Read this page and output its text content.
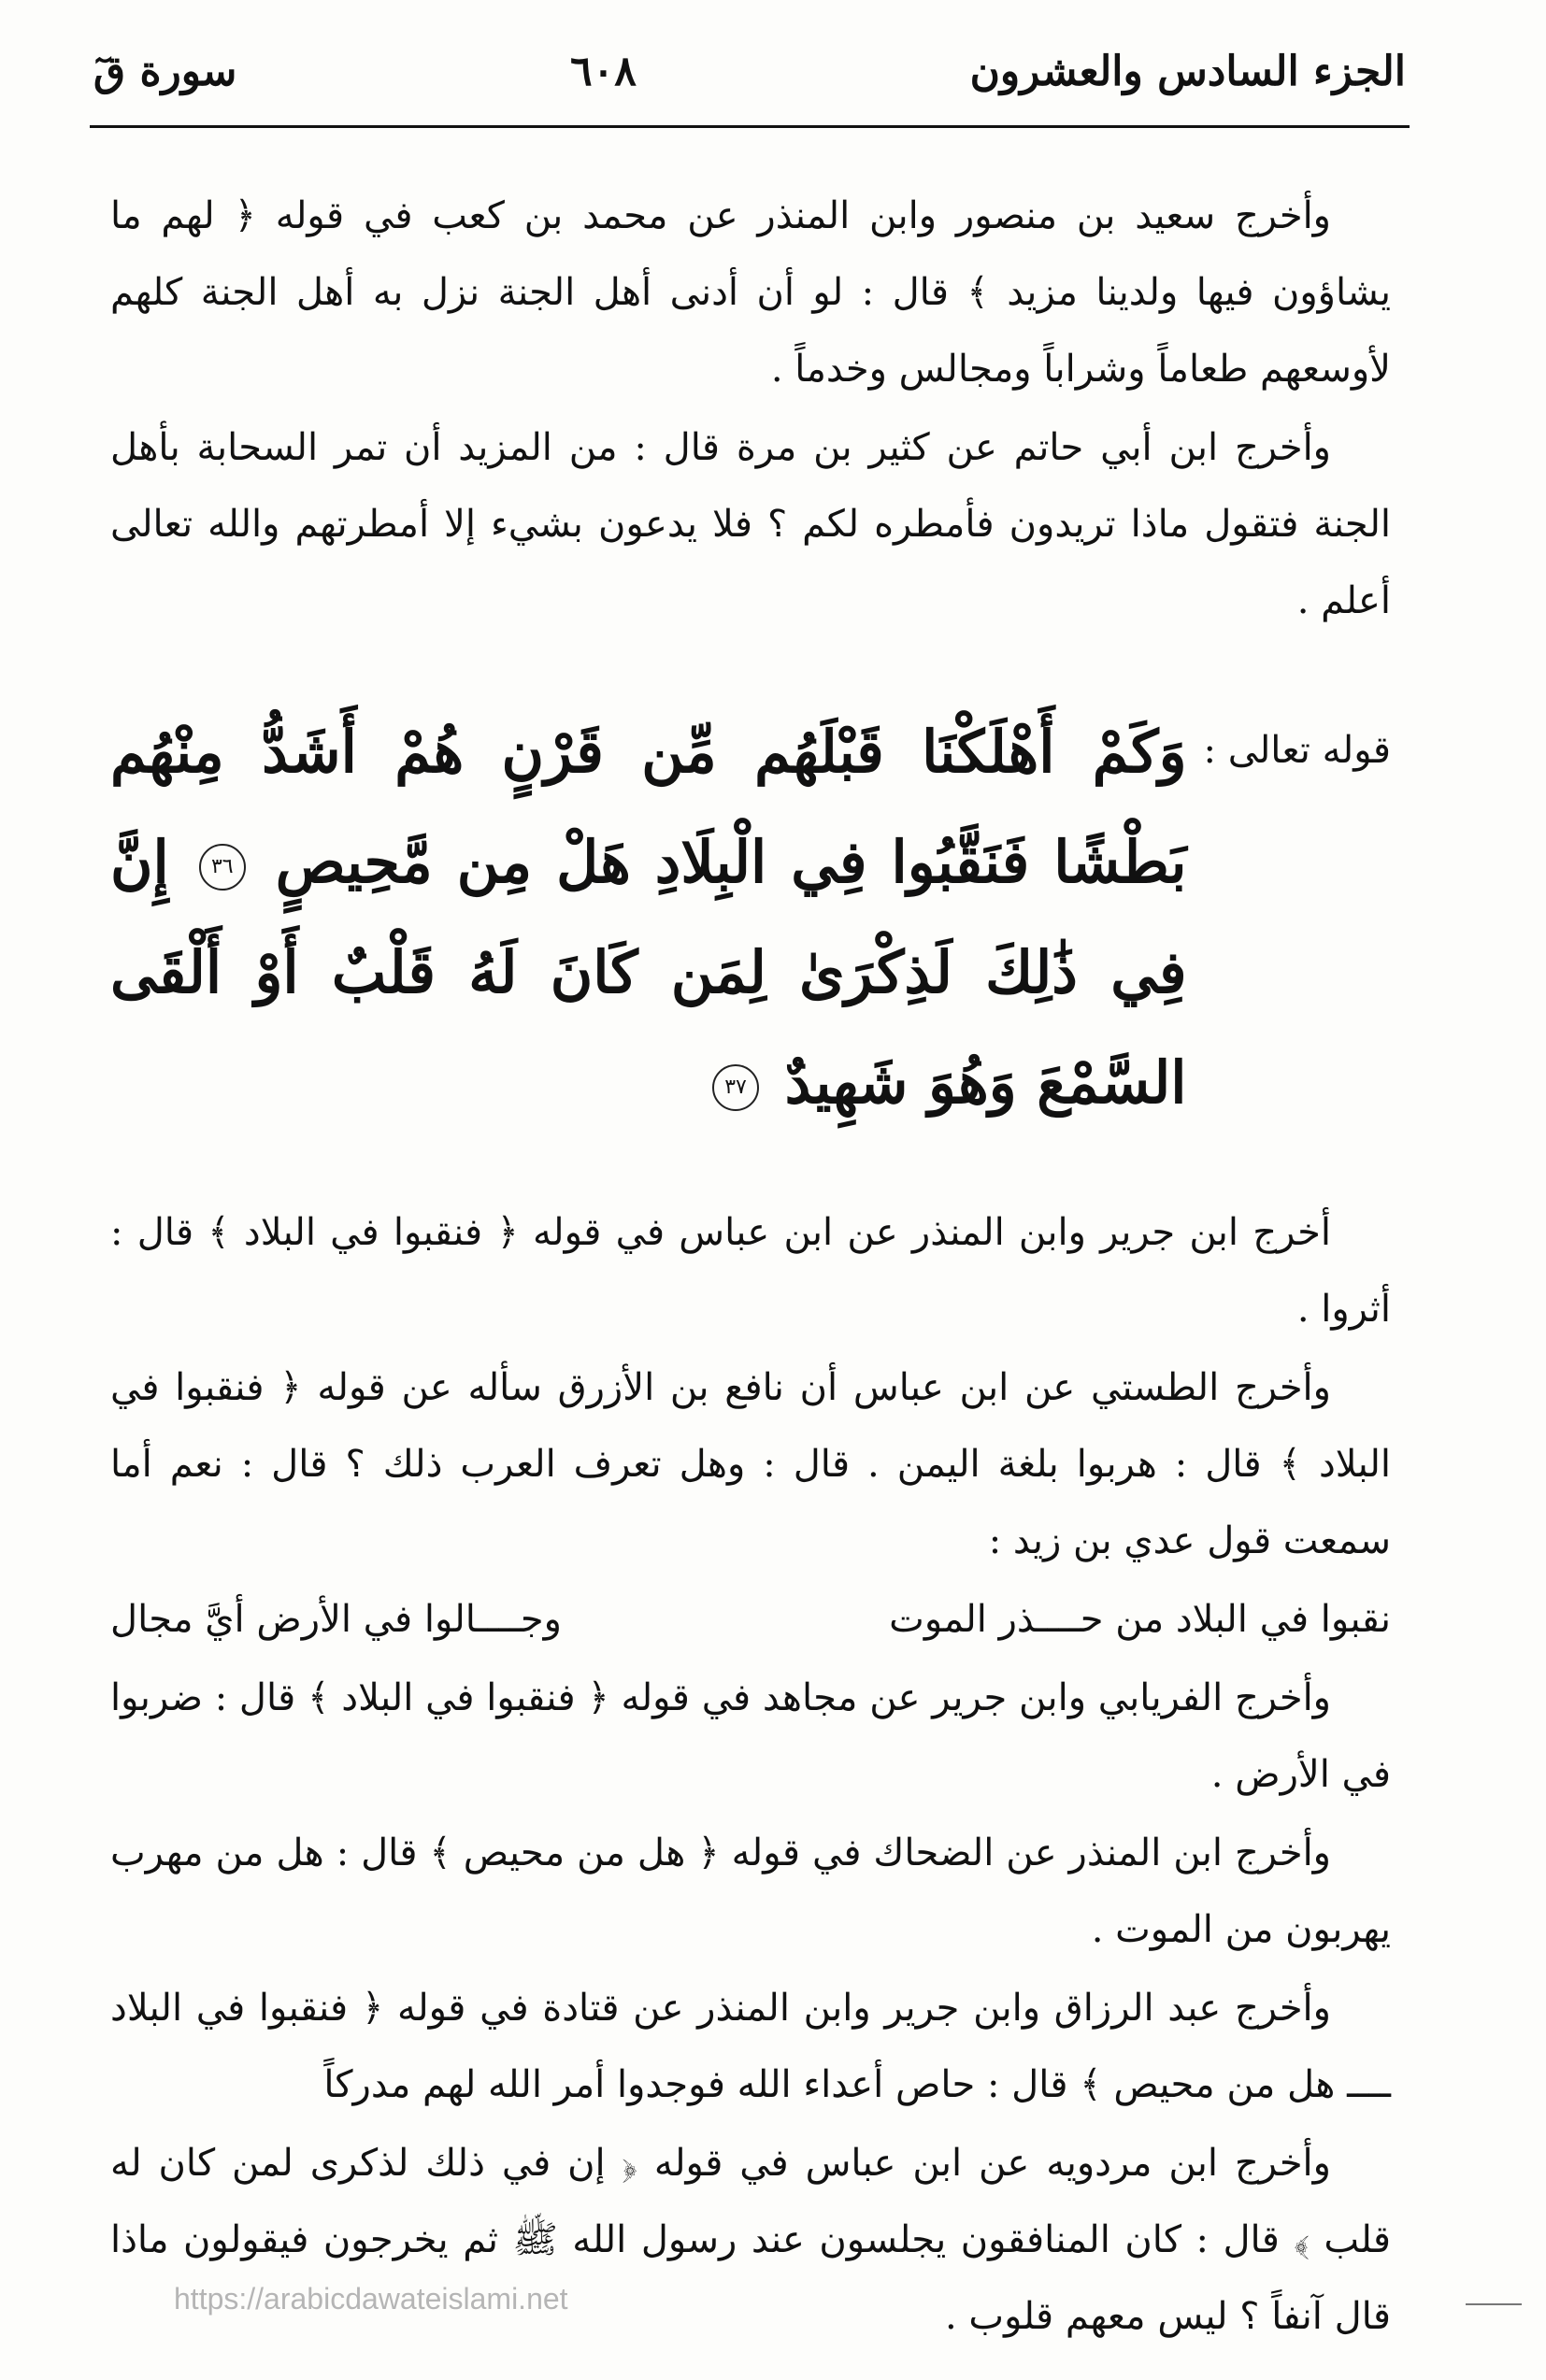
الجزء السادس والعشرون
٦٠٨
سورة قٓ

وأخرج سعيد بن منصور وابن المنذر عن محمد بن كعب في قوله ﴿ لهم ما يشاؤون فيها ولدينا مزيد ﴾ قال : لو أن أدنى أهل الجنة نزل به أهل الجنة كلهم لأوسعهم طعاماً وشراباً ومجالس وخدماً .

وأخرج ابن أبي حاتم عن كثير بن مرة قال : من المزيد أن تمر السحابة بأهل الجنة فتقول ماذا تريدون فأمطره لكم ؟ فلا يدعون بشيء إلا أمطرتهم والله تعالى أعلم .

قوله تعالى :
وَكَمْ أَهْلَكْنَا قَبْلَهُم مِّن قَرْنٍ هُمْ أَشَدُّ مِنْهُم بَطْشًا فَنَقَّبُوا فِي الْبِلَادِ هَلْ مِن مَّحِيصٍ ٣٦ إِنَّ فِي ذَٰلِكَ لَذِكْرَىٰ لِمَن كَانَ لَهُ قَلْبٌ أَوْ أَلْقَى السَّمْعَ وَهُوَ شَهِيدٌ ٣٧

أخرج ابن جرير وابن المنذر عن ابن عباس في قوله ﴿ فنقبوا في البلاد ﴾ قال : أثروا .

وأخرج الطستي عن ابن عباس أن نافع بن الأزرق سأله عن قوله ﴿ فنقبوا في البلاد ﴾ قال : هربوا بلغة اليمن . قال : وهل تعرف العرب ذلك ؟ قال : نعم أما سمعت قول عدي بن زيد :

نقبوا في البلاد من حــــذر الموت
وجــــالوا في الأرض أيَّ مجال

وأخرج الفريابي وابن جرير عن مجاهد في قوله ﴿ فنقبوا في البلاد ﴾ قال : ضربوا في الأرض .

وأخرج ابن المنذر عن الضحاك في قوله ﴿ هل من محيص ﴾ قال : هل من مهرب يهربون من الموت .

وأخرج عبد الرزاق وابن جرير وابن المنذر عن قتادة في قوله ﴿ فنقبوا في البلاد ــــ هل من محيص ﴾ قال : حاص أعداء الله فوجدوا أمر الله لهم مدركاً

وأخرج ابن مردويه عن ابن عباس في قوله ﴿ إن في ذلك لذكرى لمن كان له قلب ﴾ قال : كان المنافقون يجلسون عند رسول الله ﷺ ثم يخرجون فيقولون ماذا قال آنفاً ؟ ليس معهم قلوب .

https://arabicdawateislami.net
